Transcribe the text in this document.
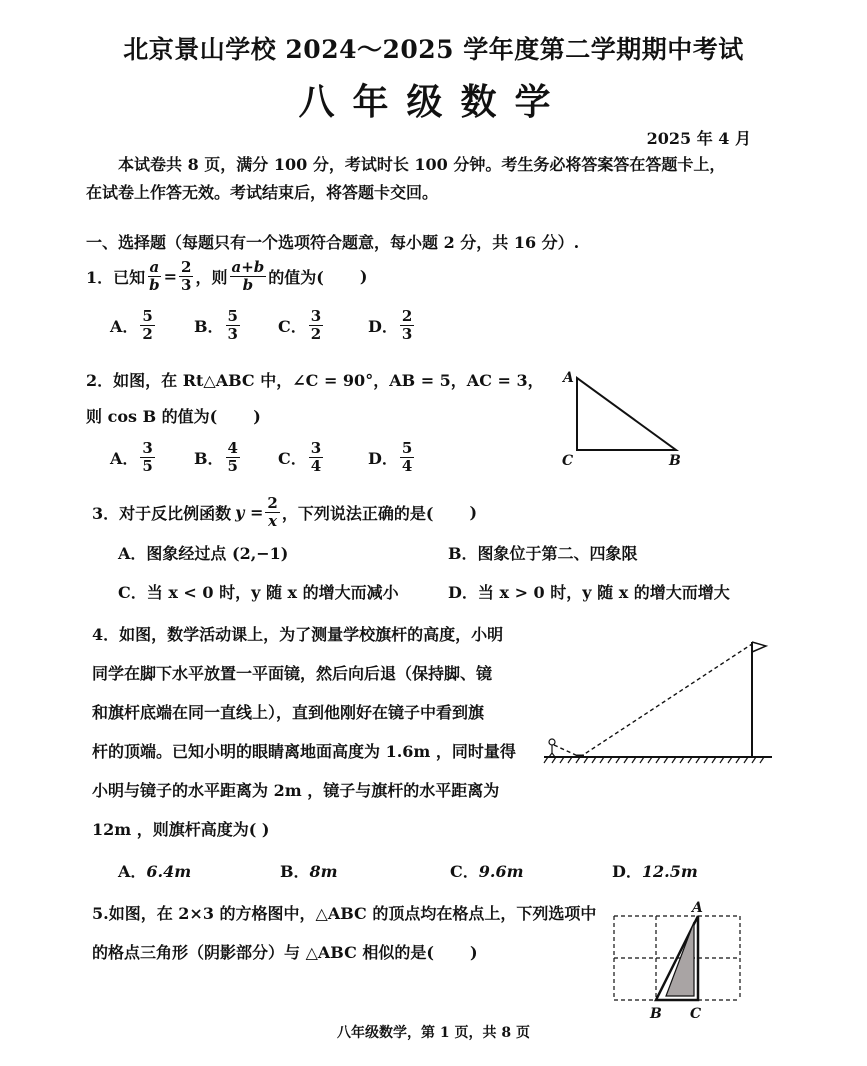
北京景山学校 2024～2025 学年度第二学期期中考试
八年级数学
2025 年 4 月
本试卷共 8 页，满分 100 分，考试时长 100 分钟。考生务必将答案答在答题卡上，
在试卷上作答无效。考试结束后，将答题卡交回。
一、选择题（每题只有一个选项符合题意，每小题 2 分，共 16 分）.
1．已知 $\frac{a}{b} = \frac{2}{3}$ ，则 $\frac{a+b}{b}$ 的值为( )
A． $\frac{5}{2}$ B． $\frac{5}{3}$ C． $\frac{3}{2}$	D． $\frac{2}{3}$
2．如图，在 Rt△ABC 中，∠C = 90°，AB = 5，AC = 3，
则 cos B 的值为( )
A． $\frac{3}{5}$ B． $\frac{4}{5}$ C． $\frac{3}{4}$	D． $\frac{5}{4}$
A
C	B
3．对于反比例函数 $y = \frac{2}{x}$ ，下列说法正确的是( )
A．图象经过点 (2,−1)	B．图象位于第二、四象限
C．当 x < 0 时，y 随 x 的增大而减小	D．当 x > 0 时，y 随 x 的增大而增大
4．如图，数学活动课上，为了测量学校旗杆的高度，小明
同学在脚下水平放置一平面镜，然后向后退（保持脚、镜
和旗杆底端在同一直线上），直到他刚好在镜子中看到旗
杆的顶端。已知小明的眼睛离地面高度为 1.6m ，同时量得
小明与镜子的水平距离为 2m ，镜子与旗杆的水平距离为
12m ，则旗杆高度为( )
A．6.4m	B．8m	C．9.6m	D．12.5m
5.如图，在 2×3 的方格图中，△ABC 的顶点均在格点上，下列选项中
的格点三角形（阴影部分）与 △ABC 相似的是( )
A
B C
八年级数学，第 1 页，共 8 页
